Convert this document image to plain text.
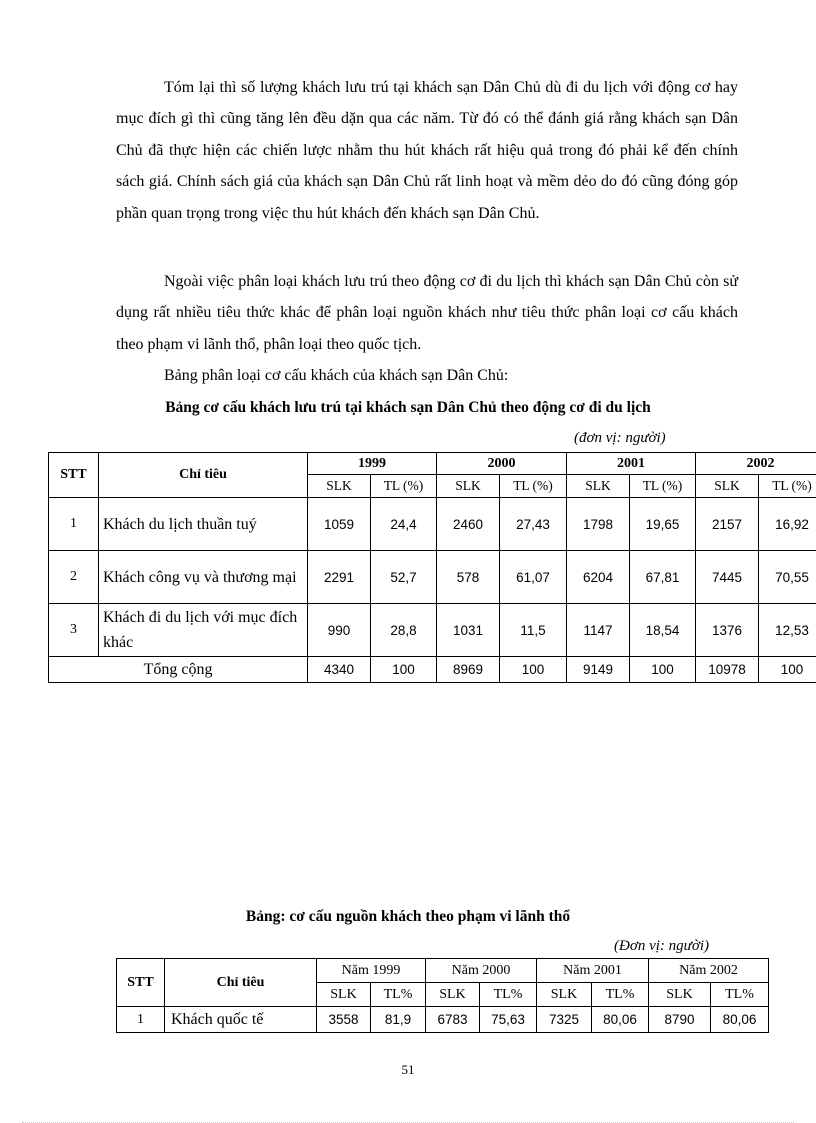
Tóm lại thì số lượng khách lưu trú tại khách sạn Dân Chủ dù đi du lịch với động cơ hay mục đích gì thì cũng tăng lên đều dặn qua các năm. Từ đó có thể đánh giá rằng khách sạn Dân Chủ đã thực hiện các chiến lược nhằm thu hút khách rất hiệu quả trong đó phải kể đến chính sách giá. Chính sách giá của khách sạn Dân Chủ rất linh hoạt và mềm dẻo do đó cũng đóng góp phần quan trọng trong việc thu hút khách đến khách sạn Dân Chủ.

Ngoài việc phân loại khách lưu trú theo động cơ đi du lịch thì khách sạn Dân Chủ còn sử dụng rất nhiều tiêu thức khác để phân loại nguồn khách như tiêu thức phân loại cơ cấu khách theo phạm vi lãnh thổ, phân loại theo quốc tịch.

Bảng phân loại cơ cấu khách của khách sạn Dân Chủ:

Bảng cơ cấu khách lưu trú tại khách sạn Dân Chủ theo động cơ đi du lịch

(đơn vị: người)

STT	Chỉ tiêu	1999		2000		2001		2002	
		SLK	TL (%)	SLK	TL (%)	SLK	TL (%)	SLK	TL (%)
1	Khách du lịch thuần tuý	1059	24,4	2460	27,43	1798	19,65	2157	16,92
2	Khách công vụ và thương mại	2291	52,7	578	61,07	6204	67,81	7445	70,55
3	Khách đi du lịch với mục đích khác	990	28,8	1031	11,5	1147	18,54	1376	12,53
Tổng cộng		4340	100	8969	100	9149	100	10978	100

Bảng: cơ cấu nguồn khách theo phạm vi lãnh thổ

(Đơn vị: người)

STT	Chỉ tiêu	Năm 1999		Năm 2000		Năm 2001		Năm 2002	
		SLK	TL%	SLK	TL%	SLK	TL%	SLK	TL%
1	Khách quốc tế	3558	81,9	6783	75,63	7325	80,06	8790	80,06

51
